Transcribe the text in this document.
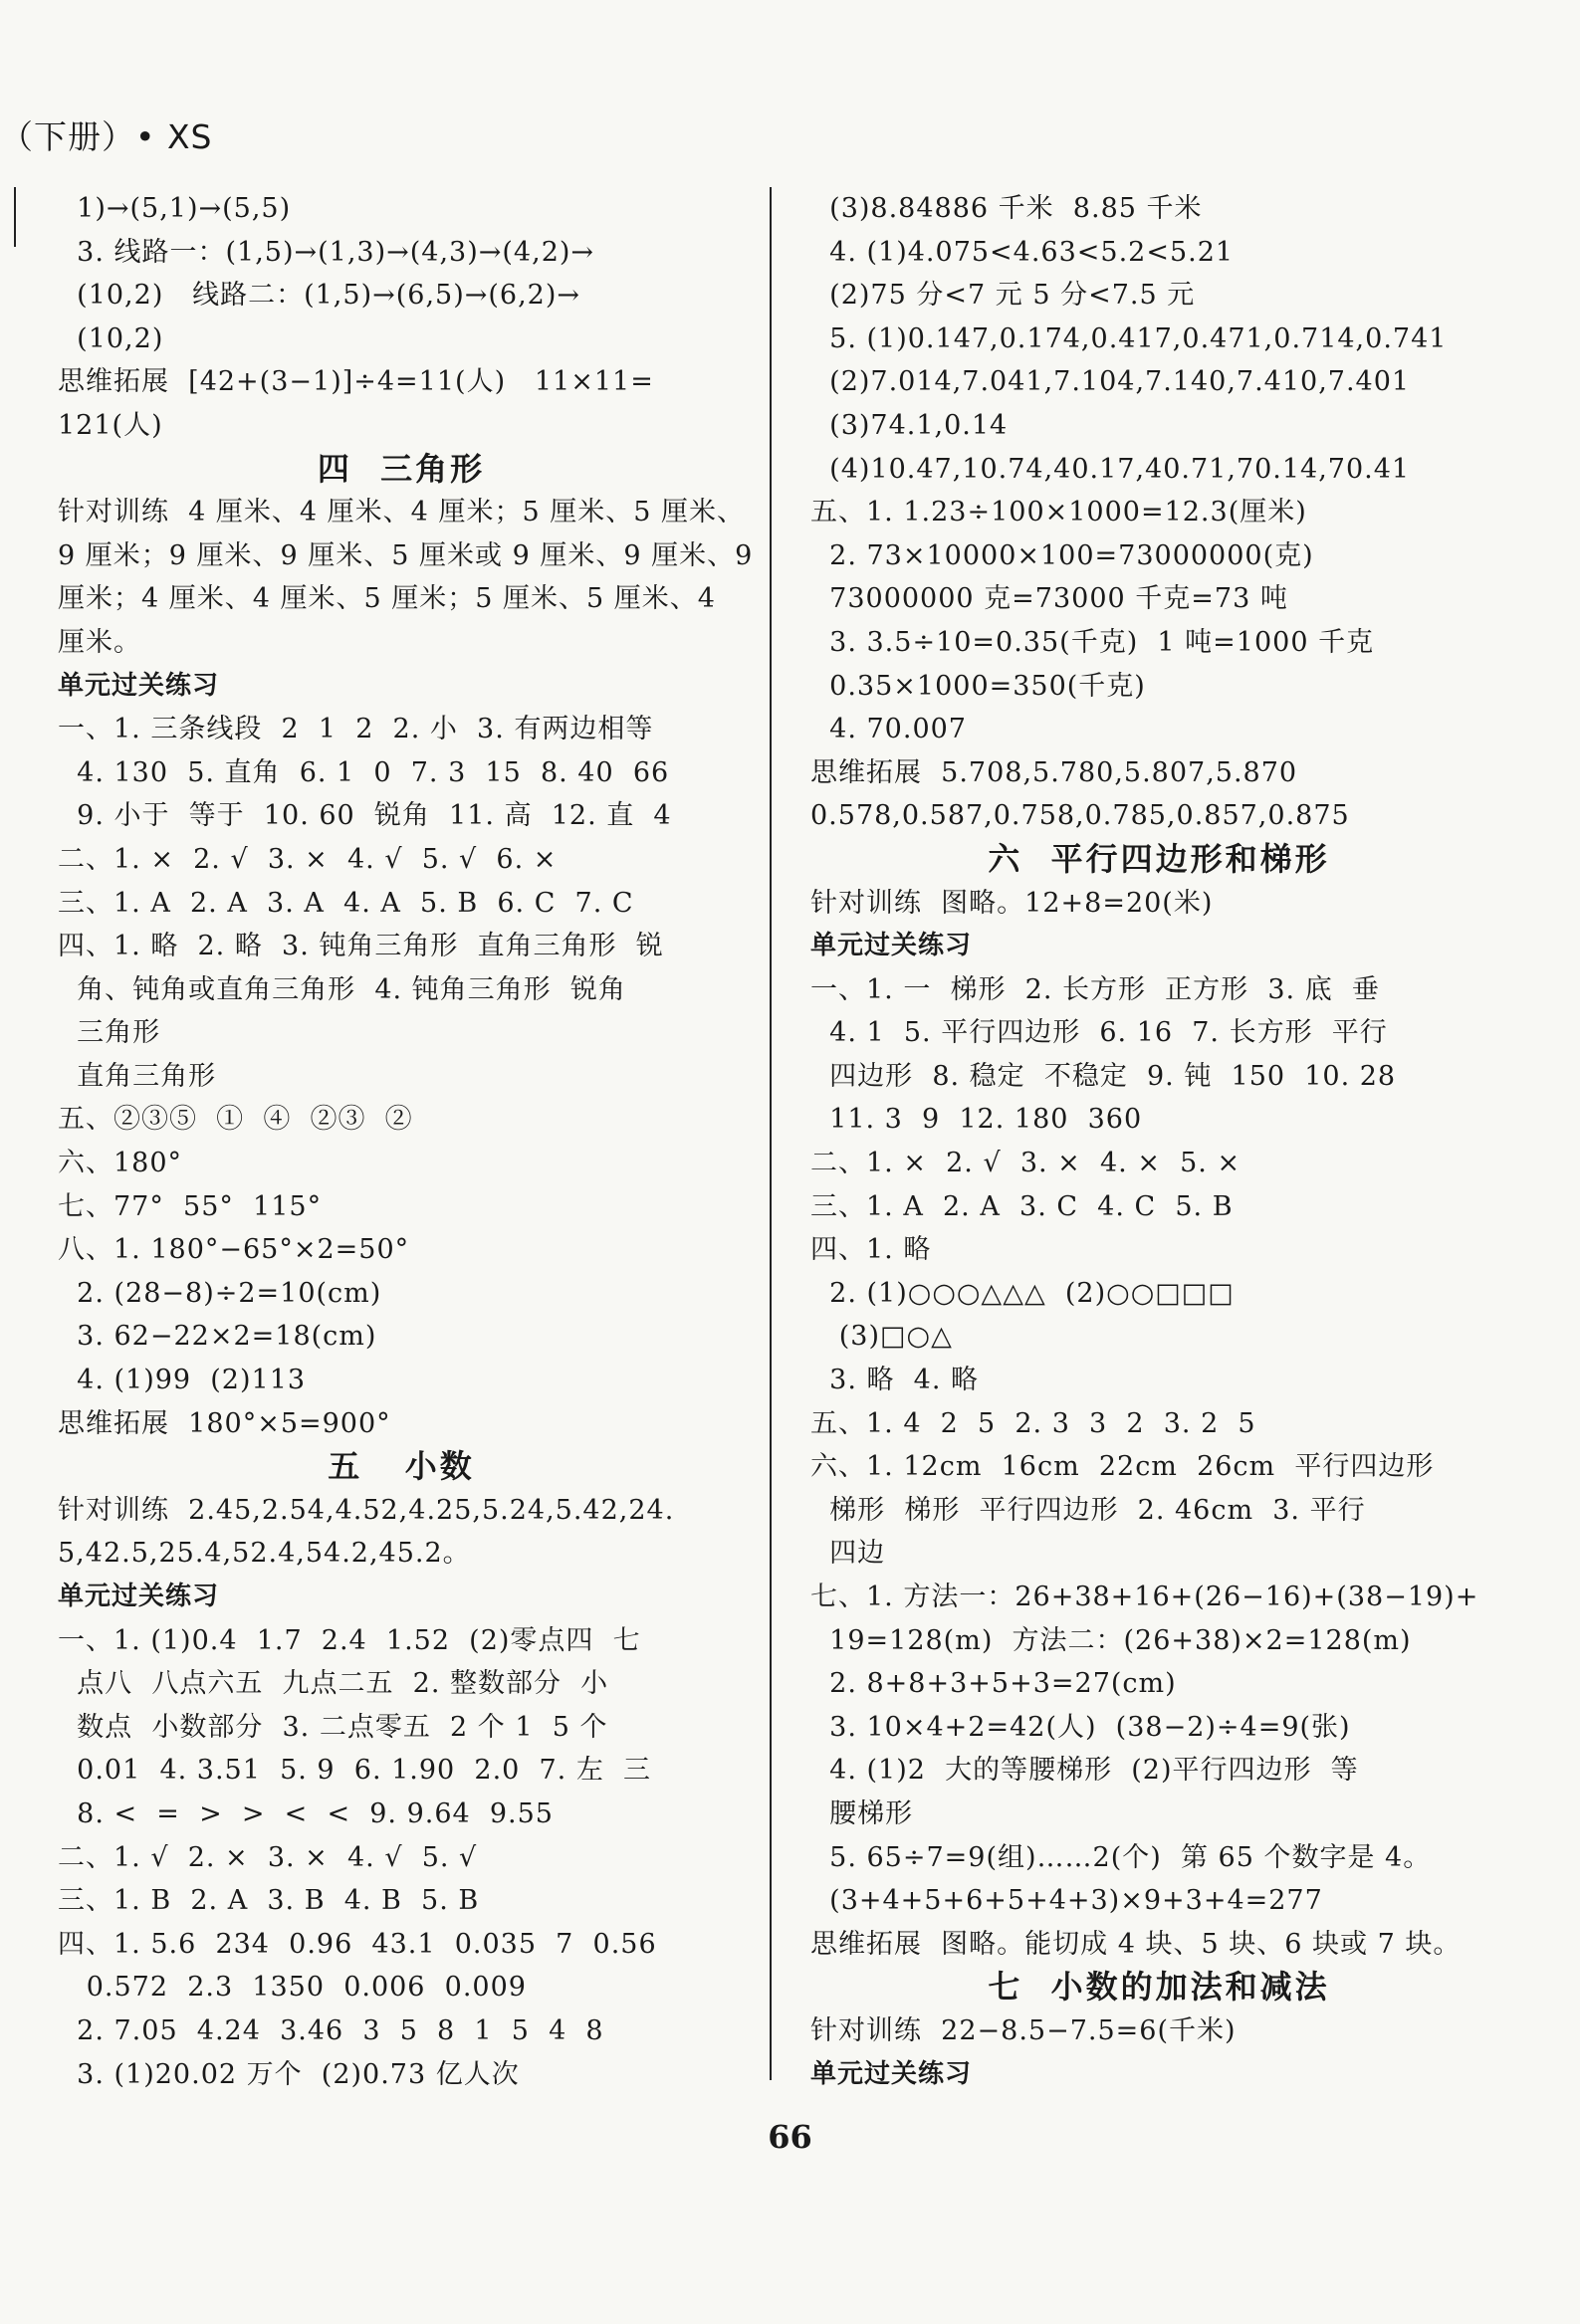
（下册）• XS
1)→(5,1)→(5,5)
3. 线路一：(1,5)→(1,3)→(4,3)→(4,2)→
(10,2)   线路二：(1,5)→(6,5)→(6,2)→
(10,2)
思维拓展  [42+(3−1)]÷4=11(人)   11×11=
121(人)
四  三角形
针对训练  4 厘米、4 厘米、4 厘米；5 厘米、5 厘米、
9 厘米；9 厘米、9 厘米、5 厘米或 9 厘米、9 厘米、9
厘米；4 厘米、4 厘米、5 厘米；5 厘米、5 厘米、4
厘米。
单元过关练习
一、1. 三条线段  2  1  2  2. 小  3. 有两边相等
4. 130  5. 直角  6. 1  0  7. 3  15  8. 40  66
9. 小于  等于  10. 60  锐角  11. 高  12. 直  4
二、1. ×  2. √  3. ×  4. √  5. √  6. ×
三、1. A  2. A  3. A  4. A  5. B  6. C  7. C
四、1. 略  2. 略  3. 钝角三角形  直角三角形  锐
角、钝角或直角三角形  4. 钝角三角形  锐角
三角形
直角三角形
五、②③⑤  ①  ④  ②③  ②
六、180°
七、77°  55°  115°
八、1. 180°−65°×2=50°
2. (28−8)÷2=10(cm)
3. 62−22×2=18(cm)
4. (1)99  (2)113
思维拓展  180°×5=900°
五   小数
针对训练  2.45,2.54,4.52,4.25,5.24,5.42,24.
5,42.5,25.4,52.4,54.2,45.2。
单元过关练习
一、1. (1)0.4  1.7  2.4  1.52  (2)零点四  七
点八  八点六五  九点二五  2. 整数部分  小
数点  小数部分  3. 二点零五  2 个 1  5 个
0.01  4. 3.51  5. 9  6. 1.90  2.0  7. 左  三
8. <  =  >  >  <  <  9. 9.64  9.55
二、1. √  2. ×  3. ×  4. √  5. √
三、1. B  2. A  3. B  4. B  5. B
四、1. 5.6  234  0.96  43.1  0.035  7  0.56
0.572  2.3  1350  0.006  0.009
2. 7.05  4.24  3.46  3  5  8  1  5  4  8
3. (1)20.02 万个  (2)0.73 亿人次
(3)8.84886 千米  8.85 千米
4. (1)4.075<4.63<5.2<5.21
(2)75 分<7 元 5 分<7.5 元
5. (1)0.147,0.174,0.417,0.471,0.714,0.741
(2)7.014,7.041,7.104,7.140,7.410,7.401
(3)74.1,0.14
(4)10.47,10.74,40.17,40.71,70.14,70.41
五、1. 1.23÷100×1000=12.3(厘米)
2. 73×10000×100=73000000(克)
73000000 克=73000 千克=73 吨
3. 3.5÷10=0.35(千克)  1 吨=1000 千克
0.35×1000=350(千克)
4. 70.007
思维拓展  5.708,5.780,5.807,5.870
0.578,0.587,0.758,0.785,0.857,0.875
六  平行四边形和梯形
针对训练  图略。12+8=20(米)
单元过关练习
一、1. 一  梯形  2. 长方形  正方形  3. 底  垂
4. 1  5. 平行四边形  6. 16  7. 长方形  平行
四边形  8. 稳定  不稳定  9. 钝  150  10. 28
11. 3  9  12. 180  360
二、1. ×  2. √  3. ×  4. ×  5. ×
三、1. A  2. A  3. C  4. C  5. B
四、1. 略
2. (1)○○○△△△  (2)○○□□□
(3)□○△
3. 略  4. 略
五、1. 4  2  5  2. 3  3  2  3. 2  5
六、1. 12cm  16cm  22cm  26cm  平行四边形
梯形  梯形  平行四边形  2. 46cm  3. 平行
四边
七、1. 方法一：26+38+16+(26−16)+(38−19)+
19=128(m)  方法二：(26+38)×2=128(m)
2. 8+8+3+5+3=27(cm)
3. 10×4+2=42(人)  (38−2)÷4=9(张)
4. (1)2  大的等腰梯形  (2)平行四边形  等
腰梯形
5. 65÷7=9(组)……2(个)  第 65 个数字是 4。
(3+4+5+6+5+4+3)×9+3+4=277
思维拓展  图略。能切成 4 块、5 块、6 块或 7 块。
七  小数的加法和减法
针对训练  22−8.5−7.5=6(千米)
单元过关练习
66
